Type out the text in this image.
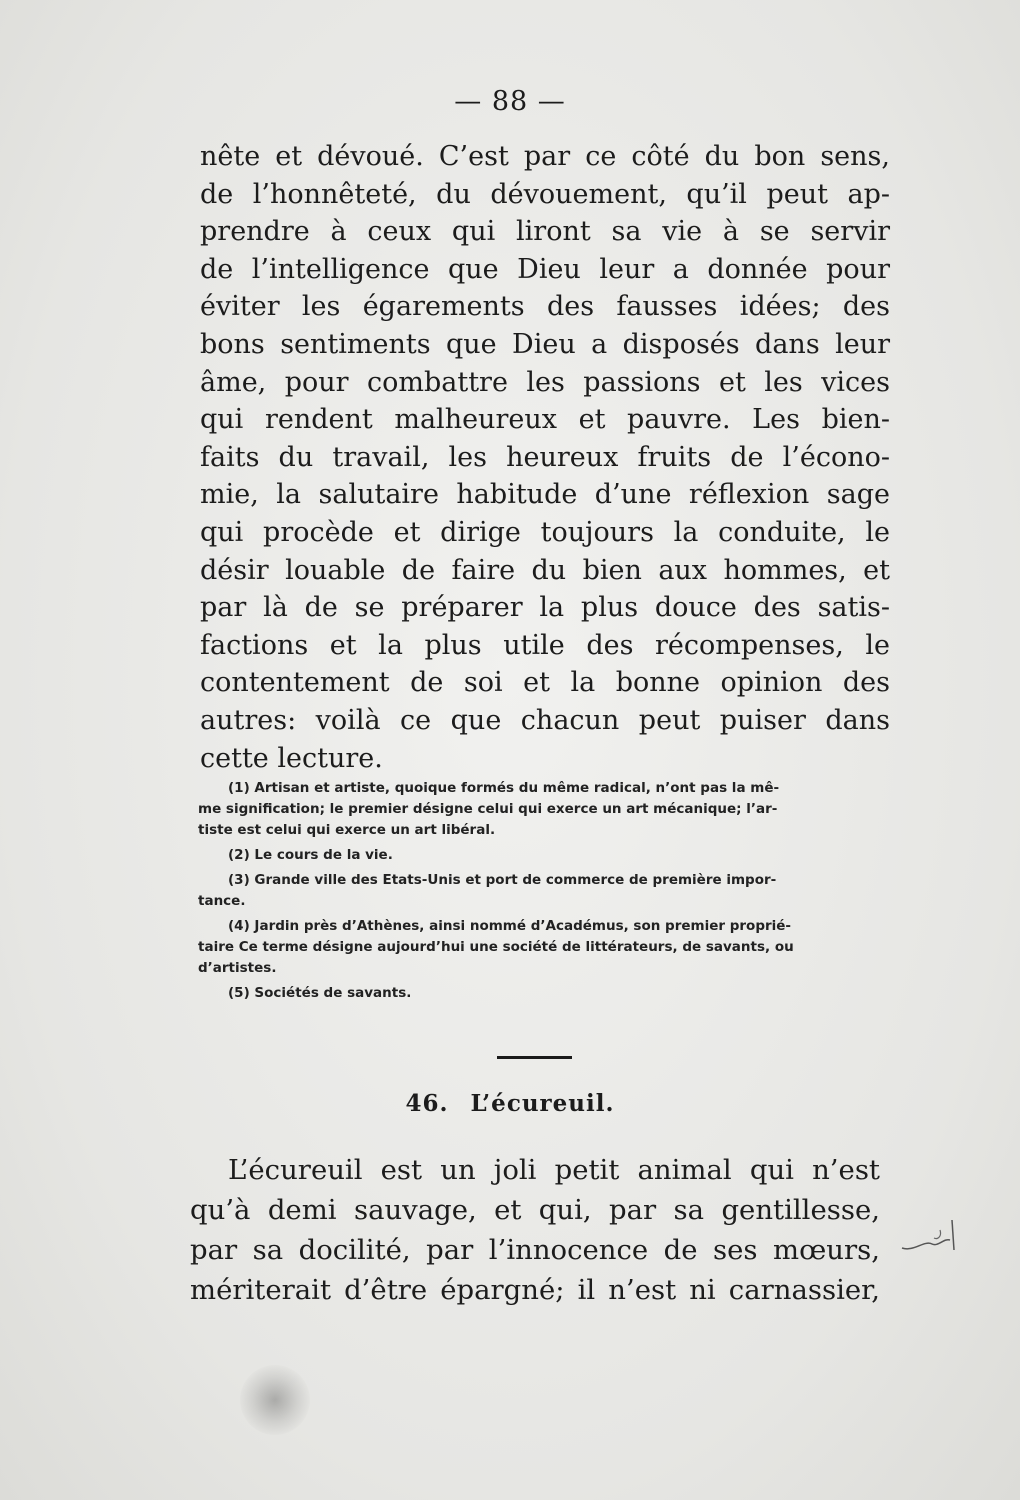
— 88 —
nête et dévoué. C’est par ce côté du bon sens,
de l’honnêteté, du dévouement, qu’il peut ap-
prendre à ceux qui liront sa vie à se servir
de l’intelligence que Dieu leur a donnée pour
éviter les égarements des fausses idées; des
bons sentiments que Dieu a disposés dans leur
âme, pour combattre les passions et les vices
qui rendent malheureux et pauvre. Les bien-
faits du travail, les heureux fruits de l’écono-
mie, la salutaire habitude d’une réflexion sage
qui procède et dirige toujours la conduite, le
désir louable de faire du bien aux hommes, et
par là de se préparer la plus douce des satis-
factions et la plus utile des récompenses, le
contentement de soi et la bonne opinion des
autres: voilà ce que chacun peut puiser dans
cette lecture.
(1) Artisan et artiste, quoique formés du même radical, n’ont pas la mê-
me signification; le premier désigne celui qui exerce un art mécanique; l’ar-
tiste est celui qui exerce un art libéral.
(2) Le cours de la vie.
(3) Grande ville des Etats-Unis et port de commerce de première impor-
tance.
(4) Jardin près d’Athènes, ainsi nommé d’Académus, son premier proprié-
taire Ce terme désigne aujourd’hui une société de littérateurs, de savants, ou
d’artistes.
(5) Sociétés de savants.
46. L’écureuil.
L’écureuil est un joli petit animal qui n’est
qu’à demi sauvage, et qui, par sa gentillesse,
par sa docilité, par l’innocence de ses mœurs,
mériterait d’être épargné; il n’est ni carnassier,
